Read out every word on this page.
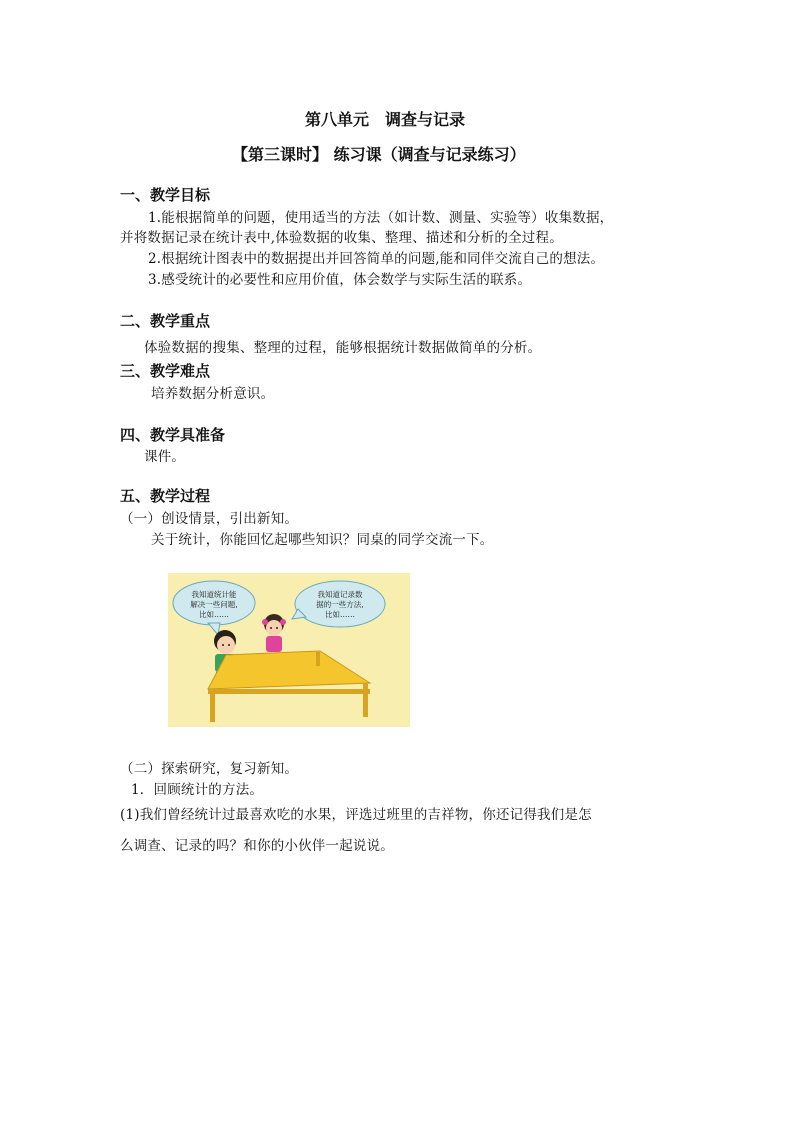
第八单元　调查与记录
【第三课时】 练习课（调查与记录练习）
一、教学目标
1.能根据简单的问题，使用适当的方法（如计数、测量、实验等）收集数据，
并将数据记录在统计表中,体验数据的收集、整理、描述和分析的全过程。
2.根据统计图表中的数据提出并回答简单的问题,能和同伴交流自己的想法。
3.感受统计的必要性和应用价值，体会数学与实际生活的联系。
二、教学重点
体验数据的搜集、整理的过程，能够根据统计数据做简单的分析。
三、教学难点
培养数据分析意识。
四、教学具准备
课件。
五、教学过程
（一）创设情景，引出新知。
关于统计，你能回忆起哪些知识？同桌的同学交流一下。
我知道统计能
解决一些问题,
比如……
我知道记录数
据的一些方法,
比如……
（二）探索研究，复习新知。
1．回顾统计的方法。
(1)我们曾经统计过最喜欢吃的水果，评选过班里的吉祥物，你还记得我们是怎
么调查、记录的吗？和你的小伙伴一起说说。
